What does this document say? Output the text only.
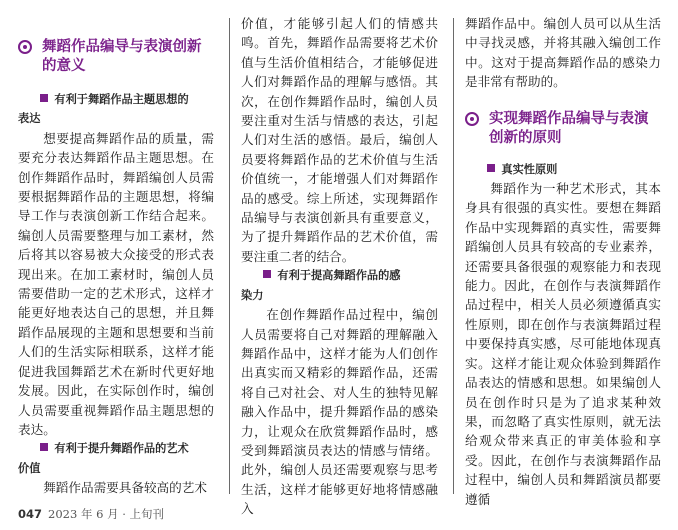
舞蹈作品编导与表演创新
的意义
有利于舞蹈作品主题思想的

表达

想要提高舞蹈作品的质量，需要充分表达舞蹈作品主题思想。在创作舞蹈作品时，舞蹈编创人员需要根据舞蹈作品的主题思想，将编导工作与表演创新工作结合起来。编创人员需要整理与加工素材，然后将其以容易被大众接受的形式表现出来。在加工素材时，编创人员需要借助一定的艺术形式，这样才能更好地表达自己的思想，并且舞蹈作品展现的主题和思想要和当前人们的生活实际相联系，这样才能促进我国舞蹈艺术在新时代更好地发展。因此，在实际创作时，编创人员需要重视舞蹈作品主题思想的表达。

有利于提升舞蹈作品的艺术

价值

舞蹈作品需要具备较高的艺术

价值，才能够引起人们的情感共鸣。首先，舞蹈作品需要将艺术价值与生活价值相结合，才能够促进人们对舞蹈作品的理解与感悟。其次，在创作舞蹈作品时，编创人员要注重对生活与情感的表达，引起人们对生活的感悟。最后，编创人员要将舞蹈作品的艺术价值与生活价值统一，才能增强人们对舞蹈作品的感受。综上所述，实现舞蹈作品编导与表演创新具有重要意义，为了提升舞蹈作品的艺术价值，需要注重二者的结合。

有利于提高舞蹈作品的感

染力

在创作舞蹈作品过程中，编创人员需要将自己对舞蹈的理解融入舞蹈作品中，这样才能为人们创作出真实而又精彩的舞蹈作品，还需将自己对社会、对人生的独特见解融入作品中，提升舞蹈作品的感染力，让观众在欣赏舞蹈作品时，感受到舞蹈演员表达的情感与情绪。此外，编创人员还需要观察与思考生活，这样才能够更好地将情感融入

舞蹈作品中。编创人员可以从生活中寻找灵感，并将其融入编创工作中。这对于提高舞蹈作品的感染力是非常有帮助的。

实现舞蹈作品编导与表演
创新的原则
真实性原则

舞蹈作为一种艺术形式，其本身具有很强的真实性。要想在舞蹈作品中实现舞蹈的真实性，需要舞蹈编创人员具有较高的专业素养，还需要具备很强的观察能力和表现能力。因此，在创作与表演舞蹈作品过程中，相关人员必须遵循真实性原则，即在创作与表演舞蹈过程中要保持真实感，尽可能地体现真实。这样才能让观众体验到舞蹈作品表达的情感和思想。如果编创人员在创作时只是为了追求某种效果，而忽略了真实性原则，就无法给观众带来真正的审美体验和享受。因此，在创作与表演舞蹈作品过程中，编创人员和舞蹈演员都要遵循

047 2023 年 6 月 · 上旬刊
